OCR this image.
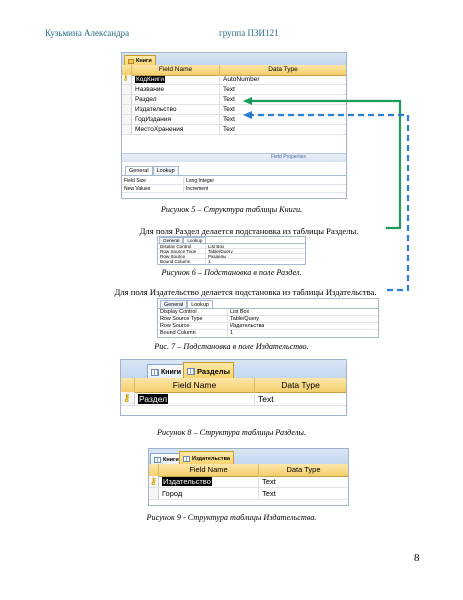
Кузьмина Александра	группа ПЗИ121
Книги
Field Name	Data Type
⚷	КодКниги	AutoNumber
Название	Text
Раздел	Text
Издательство	Text
ГодИздания	Text
МестоХранения	Text
Field Properties
General	Lookup
Field Size	Long Integer
New Values	Increment
Рисунок 5 – Структура таблицы Книги.
Для поля Раздел делается подстановка из таблицы Разделы.
General	Lookup
Display Control	List Box
Row Source Type	Table/Query
Row Source	Разделы
Bound Column	1
Рисунок 6 – Подстановка в поле Раздел.
Для поля Издательство делается подстановка из таблицы Издательства.
General	Lookup
Display Control	List Box
Row Source Type	Table/Query
Row Source	Издательства
Bound Column	1
Рис. 7 – Подстановка в поле Издательство.
Книги Разделы
Field Name	Data Type
⚷	Раздел	Text
Рисунок 8 – Структура таблицы Разделы.
Книги Издательства
Field Name	Data Type
⚷ Издательство	Text
Город	Text
Рисунок 9 - Структура таблицы Издательства.
8
